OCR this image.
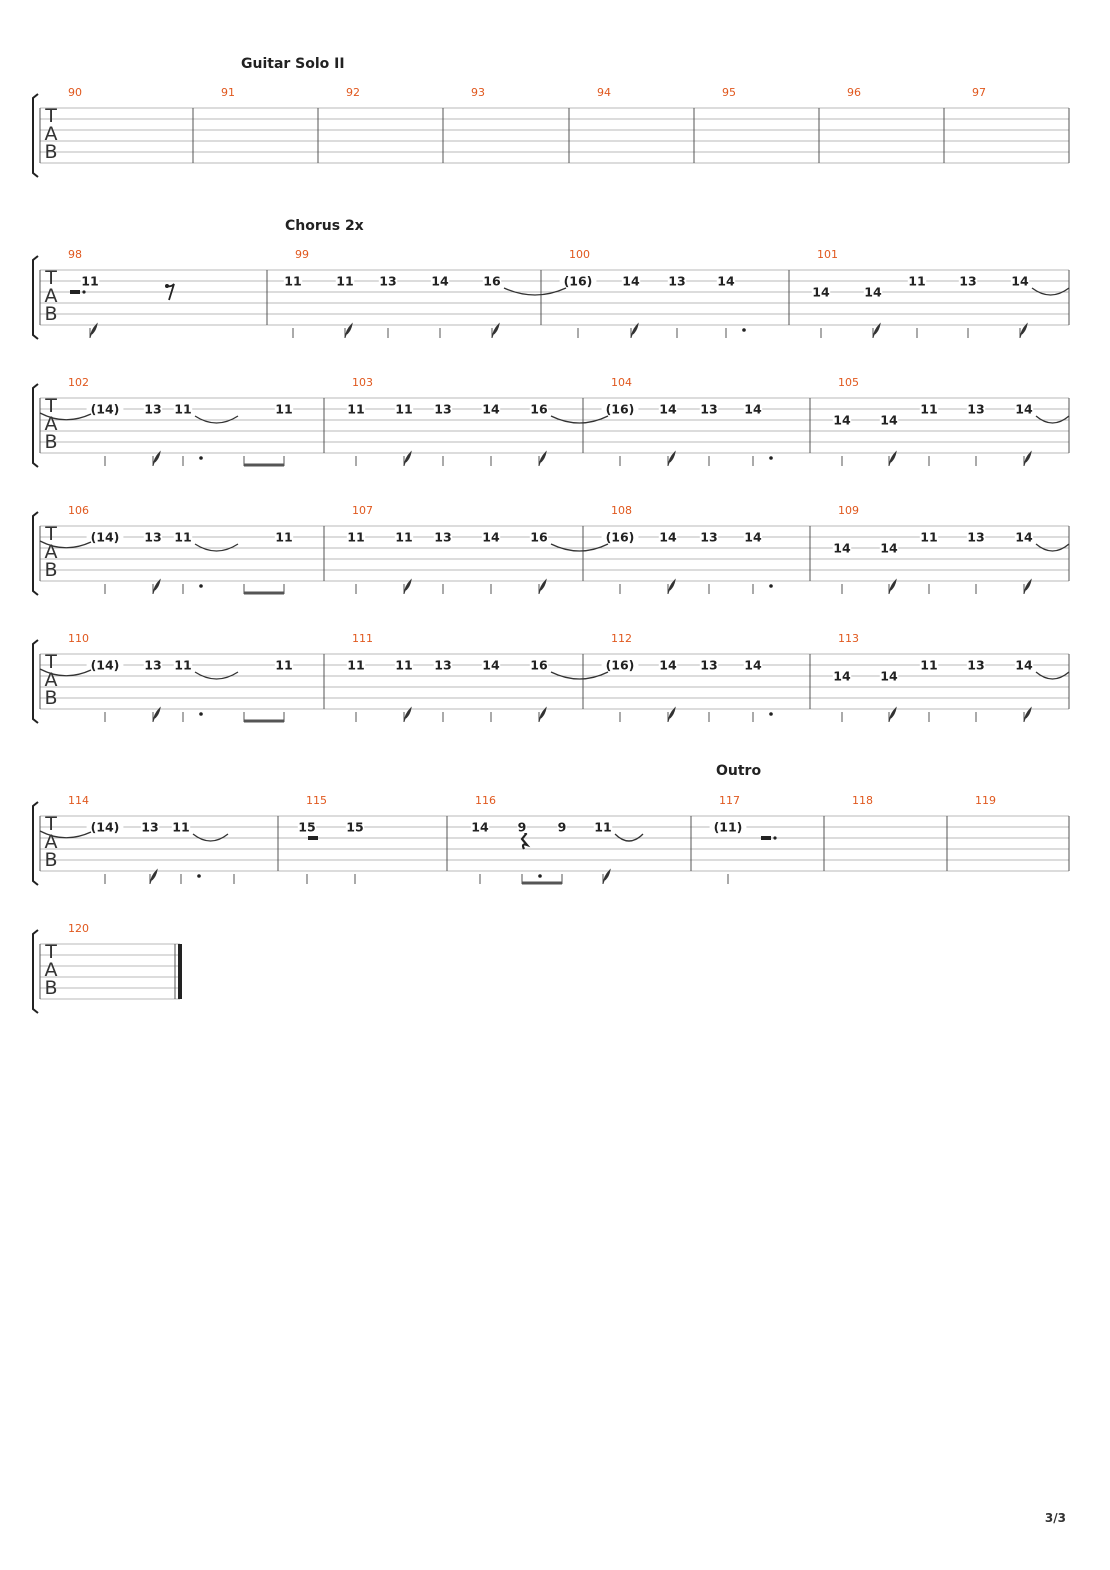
Guitar Solo II
T
A
B
90	91	92	93	94	95	96	97
Chorus 2x
T
A
B
98
11
99
11	11 13	14	16
100
(16) 14 13	14
101
14	14
11	13	14
T
A
B
102
(14) 13 11	11
103
11 11 13 14 16
104
(16) 14 13 14
105
14 14
11 13 14
T
A
B
106
(14) 13 11	11
107
11 11 13 14 16
108
(16) 14 13 14
109
14 14
11 13 14
T
A
B
110
(14) 13 11	11
111
11 11 13 14 16
112
(16) 14 13 14
113
14 14
11 13 14
Outro
T
A
B
114
(14) 13 11
115
15 15
116
14 9	9 11
117
(11)
118	119
T
A
B
120
3/3
